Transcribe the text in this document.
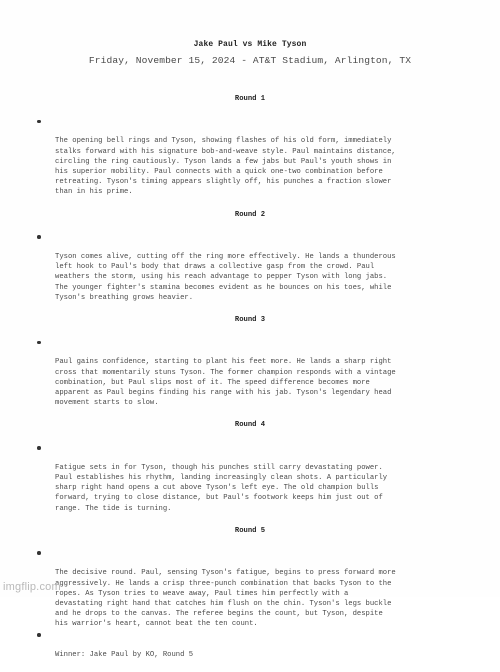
Jake Paul vs Mike Tyson
Friday, November 15, 2024 - AT&T Stadium, Arlington, TX
Round 1

The opening bell rings and Tyson, showing flashes of his old form, immediately
stalks forward with his signature bob-and-weave style. Paul maintains distance,
circling the ring cautiously. Tyson lands a few jabs but Paul's youth shows in
his superior mobility. Paul connects with a quick one-two combination before
retreating. Tyson's timing appears slightly off, his punches a fraction slower
than in his prime.

Round 2

Tyson comes alive, cutting off the ring more effectively. He lands a thunderous
left hook to Paul's body that draws a collective gasp from the crowd. Paul
weathers the storm, using his reach advantage to pepper Tyson with long jabs.
The younger fighter's stamina becomes evident as he bounces on his toes, while
Tyson's breathing grows heavier.

Round 3

Paul gains confidence, starting to plant his feet more. He lands a sharp right
cross that momentarily stuns Tyson. The former champion responds with a vintage
combination, but Paul slips most of it. The speed difference becomes more
apparent as Paul begins finding his range with his jab. Tyson's legendary head
movement starts to slow.

Round 4

Fatigue sets in for Tyson, though his punches still carry devastating power.
Paul establishes his rhythm, landing increasingly clean shots. A particularly
sharp right hand opens a cut above Tyson's left eye. The old champion bulls
forward, trying to close distance, but Paul's footwork keeps him just out of
range. The tide is turning.

Round 5

The decisive round. Paul, sensing Tyson's fatigue, begins to press forward more
aggressively. He lands a crisp three-punch combination that backs Tyson to the
ropes. As Tyson tries to weave away, Paul times him perfectly with a
devastating right hand that catches him flush on the chin. Tyson's legs buckle
and he drops to the canvas. The referee begins the count, but Tyson, despite
his warrior's heart, cannot beat the ten count.

Winner: Jake Paul by KO, Round 5

imgflip.com
